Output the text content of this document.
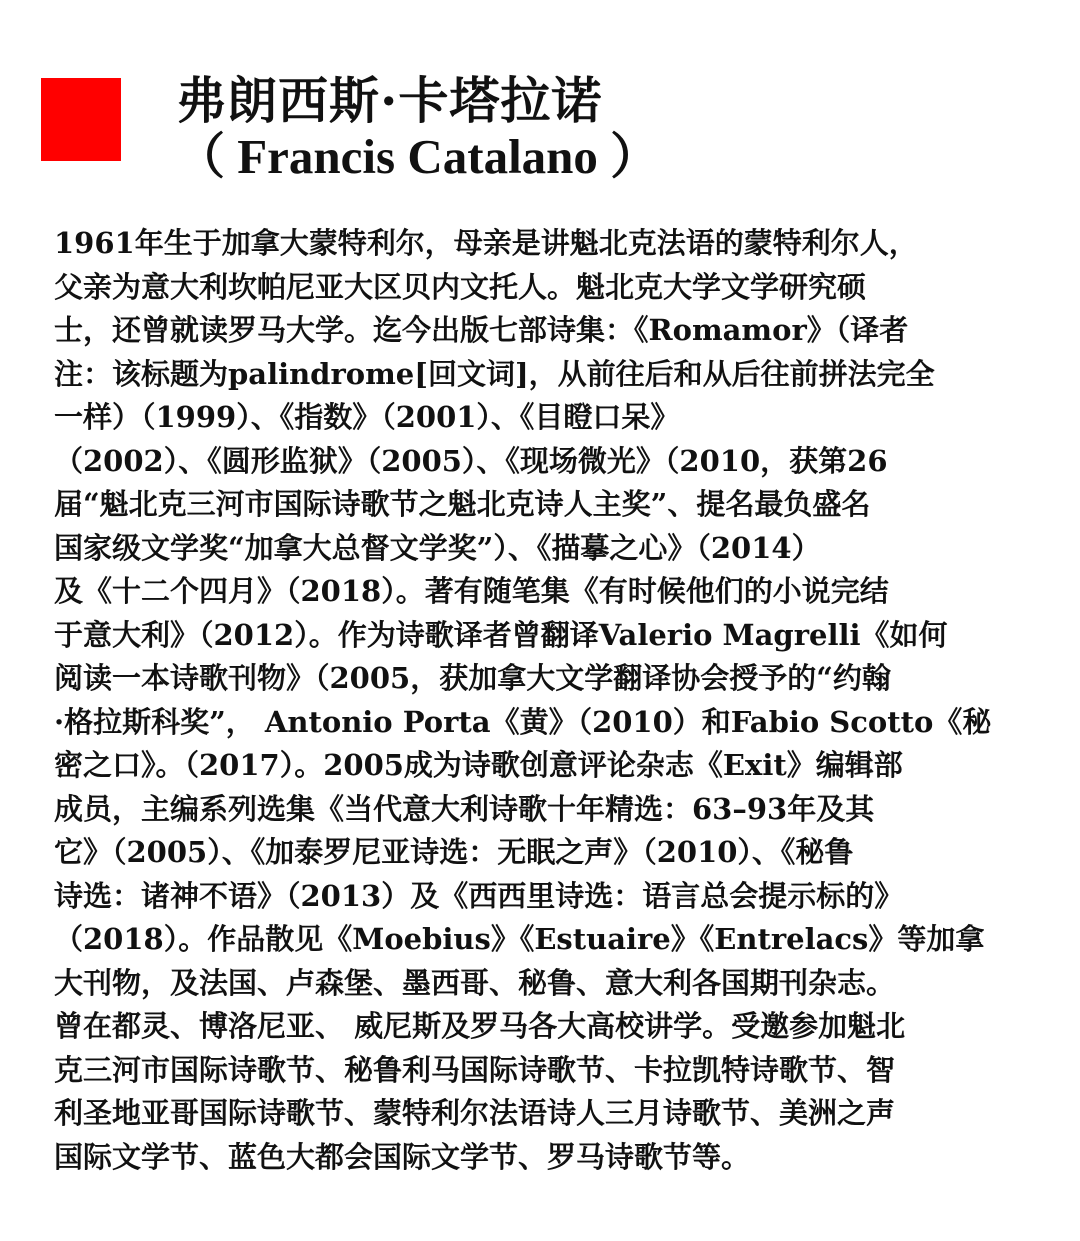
弗朗西斯·卡塔拉诺
（ Francis Catalano ）
1961年生于加拿大蒙特利尔，母亲是讲魁北克法语的蒙特利尔人，
父亲为意大利坎帕尼亚大区贝内文托人。魁北克大学文学研究硕
士，还曾就读罗马大学。迄今出版七部诗集：《Romamor》（译者
注：该标题为palindrome[回文词]，从前往后和从后往前拼法完全
一样）（1999）、《指数》（2001）、《目瞪口呆》
（2002）、《圆形监狱》（2005）、《现场微光》（2010，获第26
届“魁北克三河市国际诗歌节之魁北克诗人主奖”、提名最负盛名
国家级文学奖“加拿大总督文学奖”）、《描摹之心》（2014）
及《十二个四月》（2018）。著有随笔集《有时候他们的小说完结
于意大利》（2012）。作为诗歌译者曾翻译Valerio Magrelli《如何
阅读一本诗歌刊物》（2005，获加拿大文学翻译协会授予的“约翰
·格拉斯科奖”， Antonio Porta《黄》（2010）和Fabio Scotto《秘
密之口》。（2017）。2005成为诗歌创意评论杂志《Exit》编辑部
成员，主编系列选集《当代意大利诗歌十年精选：63–93年及其
它》（2005）、《加泰罗尼亚诗选：无眠之声》（2010）、《秘鲁
诗选：诸神不语》（2013）及《西西里诗选：语言总会提示标的》
（2018）。作品散见《Moebius》《Estuaire》《Entrelacs》等加拿
大刊物，及法国、卢森堡、墨西哥、秘鲁、意大利各国期刊杂志。
曾在都灵、博洛尼亚、 威尼斯及罗马各大高校讲学。受邀参加魁北
克三河市国际诗歌节、秘鲁利马国际诗歌节、卡拉凯特诗歌节、智
利圣地亚哥国际诗歌节、蒙特利尔法语诗人三月诗歌节、美洲之声
国际文学节、蓝色大都会国际文学节、罗马诗歌节等。
